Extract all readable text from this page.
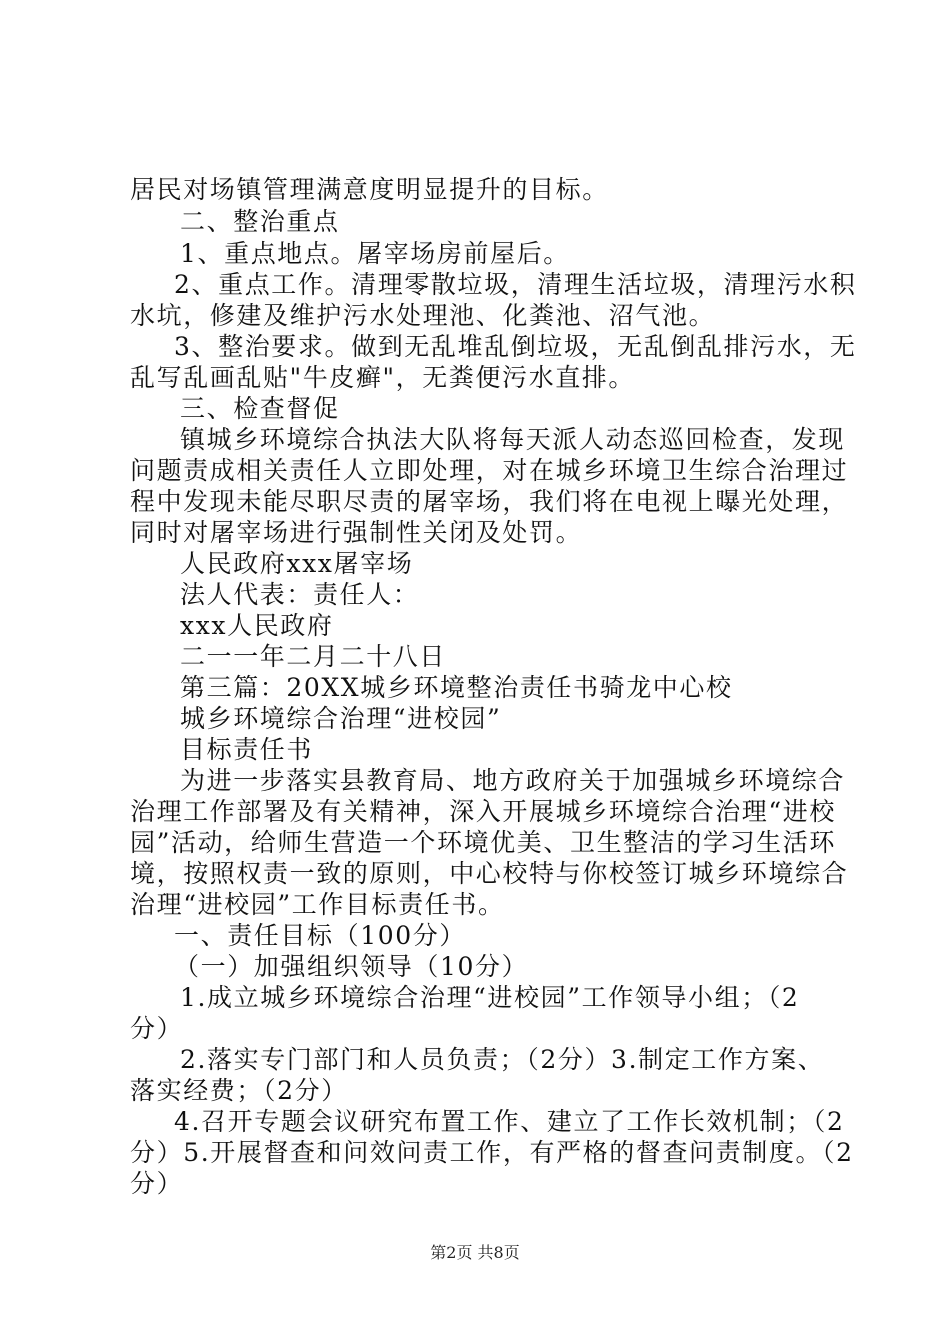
居民对场镇管理满意度明显提升的目标。
二、整治重点
1、重点地点。屠宰场房前屋后。
2、重点工作。清理零散垃圾，清理生活垃圾，清理污水积
水坑，修建及维护污水处理池、化粪池、沼气池。
3、整治要求。做到无乱堆乱倒垃圾，无乱倒乱排污水，无
乱写乱画乱贴"牛皮癣"，无粪便污水直排。
三、检查督促
镇城乡环境综合执法大队将每天派人动态巡回检查，发现
问题责成相关责任人立即处理，对在城乡环境卫生综合治理过
程中发现未能尽职尽责的屠宰场，我们将在电视上曝光处理，
同时对屠宰场进行强制性关闭及处罚。
人民政府xxx屠宰场
法人代表：责任人：
xxx人民政府
二一一年二月二十八日
第三篇：20XX城乡环境整治责任书骑龙中心校
城乡环境综合治理“进校园”
目标责任书
为进一步落实县教育局、地方政府关于加强城乡环境综合
治理工作部署及有关精神，深入开展城乡环境综合治理“进校
园”活动，给师生营造一个环境优美、卫生整洁的学习生活环
境，按照权责一致的原则，中心校特与你校签订城乡环境综合
治理“进校园”工作目标责任书。
一、责任目标（100分）
（一）加强组织领导（10分）
1.成立城乡环境综合治理“进校园”工作领导小组；（2
分）
2.落实专门部门和人员负责；（2分）3.制定工作方案、
落实经费；（2分）
4.召开专题会议研究布置工作、建立了工作长效机制；（2
分）5.开展督查和问效问责工作，有严格的督查问责制度。（2
分）
第2页 共8页
